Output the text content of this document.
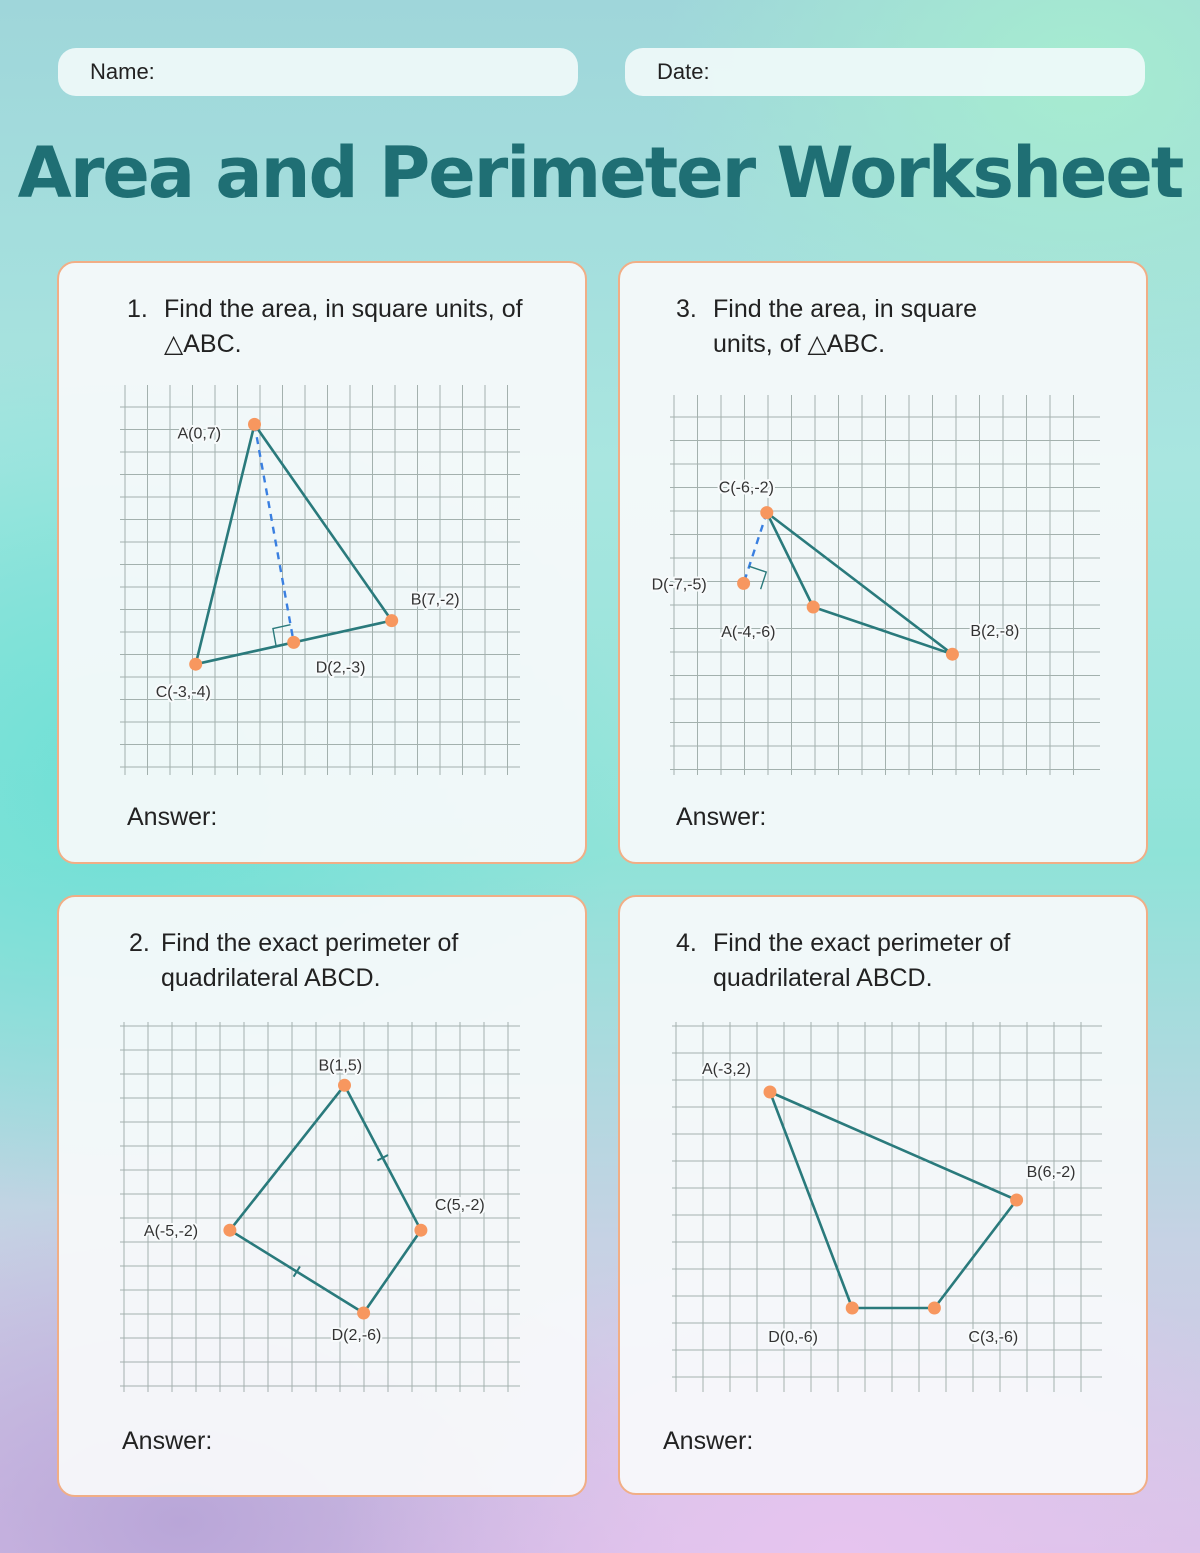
Name:	Date:
Area and Perimeter Worksheet
1. Find the area, in square units, of △ABC.
Answer:
3. Find the area, in square units, of △ABC.
Answer:
2. Find the exact perimeter of quadrilateral ABCD.
Answer:
4. Find the exact perimeter of quadrilateral ABCD.
Answer:
A(0,7)
B(7,-2)
C(-3,-4)
D(2,-3)
A(-4,-6)	B(2,-8)
C(-6,-2)
D(-7,-5)
A(-5,-2)
B(1,5)
C(5,-2)
D(2,-6)
A(-3,2)
B(6,-2)
C(3,-6)
D(0,-6)
